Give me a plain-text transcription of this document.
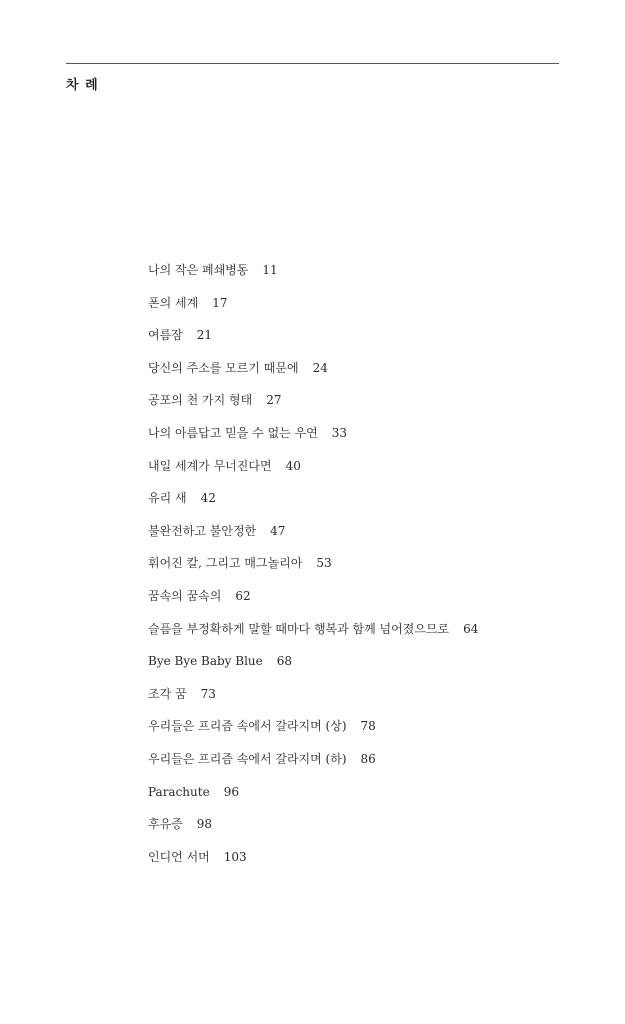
차 례
나의 작은 폐쇄병동 11
폰의 세계 17
여름잠 21
당신의 주소를 모르기 때문에 24
공포의 천 가지 형태 27
나의 아름답고 믿을 수 없는 우연 33
내일 세계가 무너진다면 40
유리 새 42
불완전하고 불안정한 47
휘어진 칼, 그리고 매그놀리아 53
꿈속의 꿈속의 62
슬픔을 부정확하게 말할 때마다 행복과 함께 넘어졌으므로 64
Bye Bye Baby Blue 68
조각 꿈 73
우리들은 프리즘 속에서 갈라지며 (상) 78
우리들은 프리즘 속에서 갈라지며 (하) 86
Parachute 96
후유증 98
인디언 서머 103
